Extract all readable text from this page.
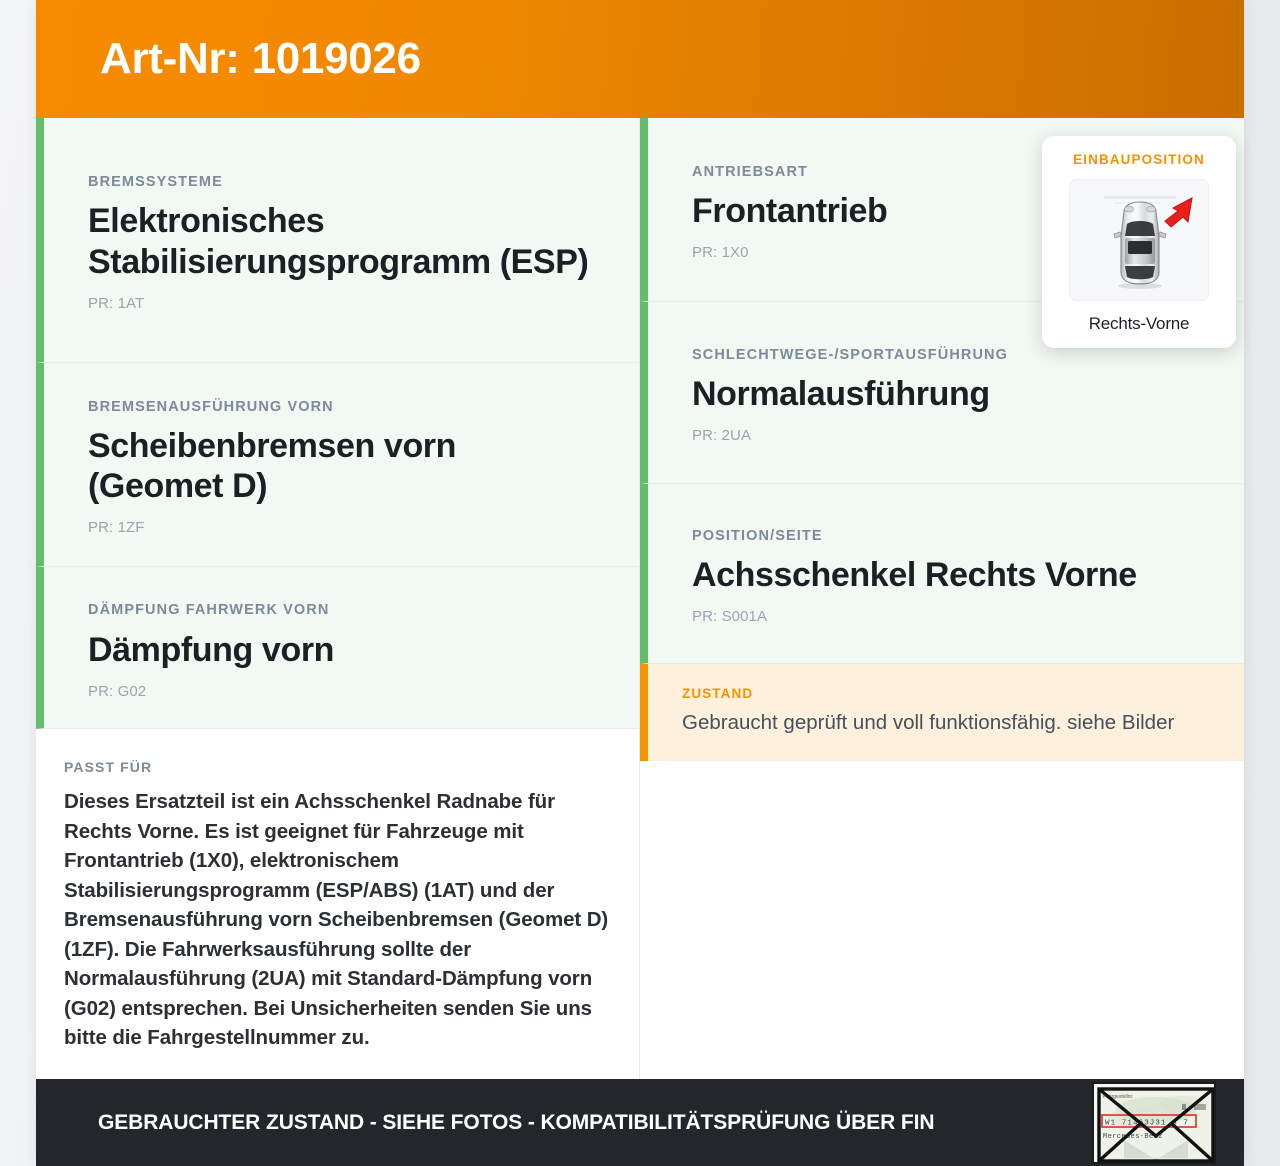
Art-Nr: 1019026
BREMSSYSTEME
Elektronisches Stabilisierungsprogramm (ESP)
PR: 1AT
BREMSENAUSFÜHRUNG VORN
Scheibenbremsen vorn (Geomet D)
PR: 1ZF
DÄMPFUNG FAHRWERK VORN
Dämpfung vorn
PR: G02
PASST FÜR
Dieses Ersatzteil ist ein Achsschenkel Radnabe für Rechts Vorne. Es ist geeignet für Fahrzeuge mit Frontantrieb (1X0), elektronischem Stabilisierungsprogramm (ESP/ABS) (1AT) und der Bremsenausführung vorn Scheibenbremsen (Geomet D) (1ZF). Die Fahrwerksausführung sollte der Normalausführung (2UA) mit Standard-Dämpfung vorn (G02) entsprechen. Bei Unsicherheiten senden Sie uns bitte die Fahrgestellnummer zu.
ANTRIEBSART
Frontantrieb
PR: 1X0
SCHLECHTWEGE-/SPORTAUSFÜHRUNG
Normalausführung
PR: 2UA
POSITION/SEITE
Achsschenkel Rechts Vorne
PR: S001A
ZUSTAND
Gebraucht geprüft und voll funktionsfähig. siehe Bilder
EINBAUPOSITION
Rechts-Vorne
GEBRAUCHTER ZUSTAND - SIEHE FOTOS - KOMPATIBILITÄTSPRÜFUNG ÜBER FIN
Fahrgestellnr.
W1 71463J31 8 7
Mercedes-Benz
